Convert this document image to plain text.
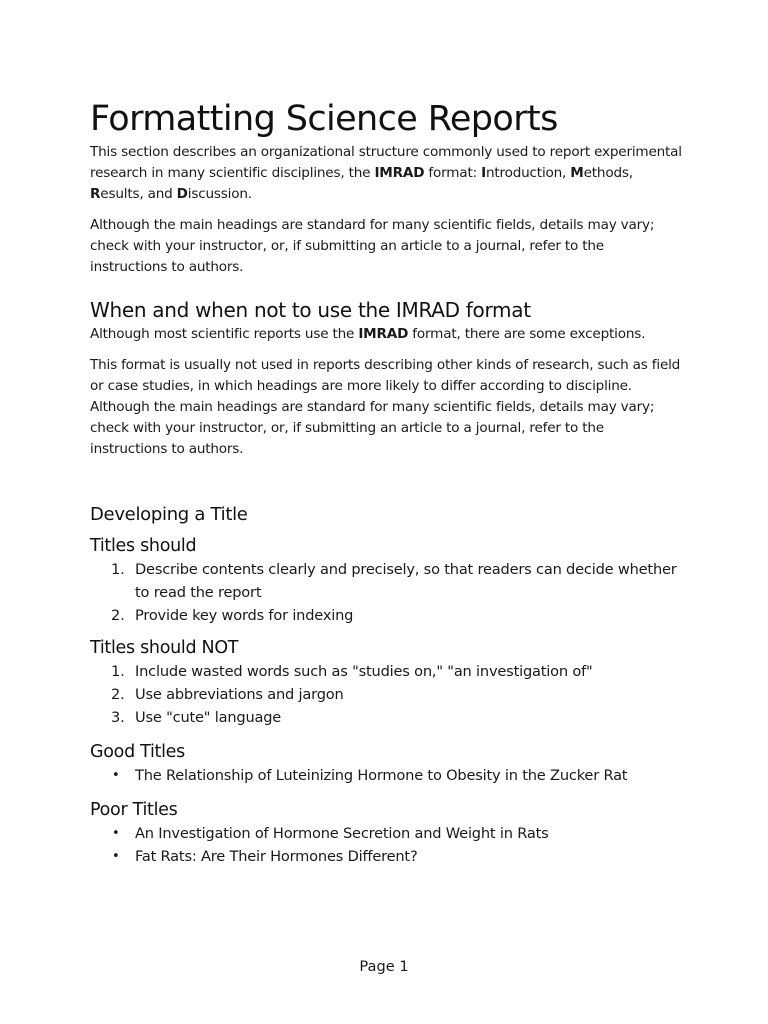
Formatting Science Reports

This section describes an organizational structure commonly used to report experimental research in many scientific disciplines, the IMRAD format: Introduction, Methods, Results, and Discussion.

Although the main headings are standard for many scientific fields, details may vary; check with your instructor, or, if submitting an article to a journal, refer to the instructions to authors.

When and when not to use the IMRAD format

Although most scientific reports use the IMRAD format, there are some exceptions.

This format is usually not used in reports describing other kinds of research, such as field or case studies, in which headings are more likely to differ according to discipline. Although the main headings are standard for many scientific fields, details may vary; check with your instructor, or, if submitting an article to a journal, refer to the instructions to authors.

Developing a Title
Titles should
1. Describe contents clearly and precisely, so that readers can decide whether to read the report
2. Provide key words for indexing
Titles should NOT
1. Include wasted words such as "studies on," "an investigation of"
2. Use abbreviations and jargon
3. Use "cute" language
Good Titles
• The Relationship of Luteinizing Hormone to Obesity in the Zucker Rat
Poor Titles
• An Investigation of Hormone Secretion and Weight in Rats
• Fat Rats: Are Their Hormones Different?
Page 1
